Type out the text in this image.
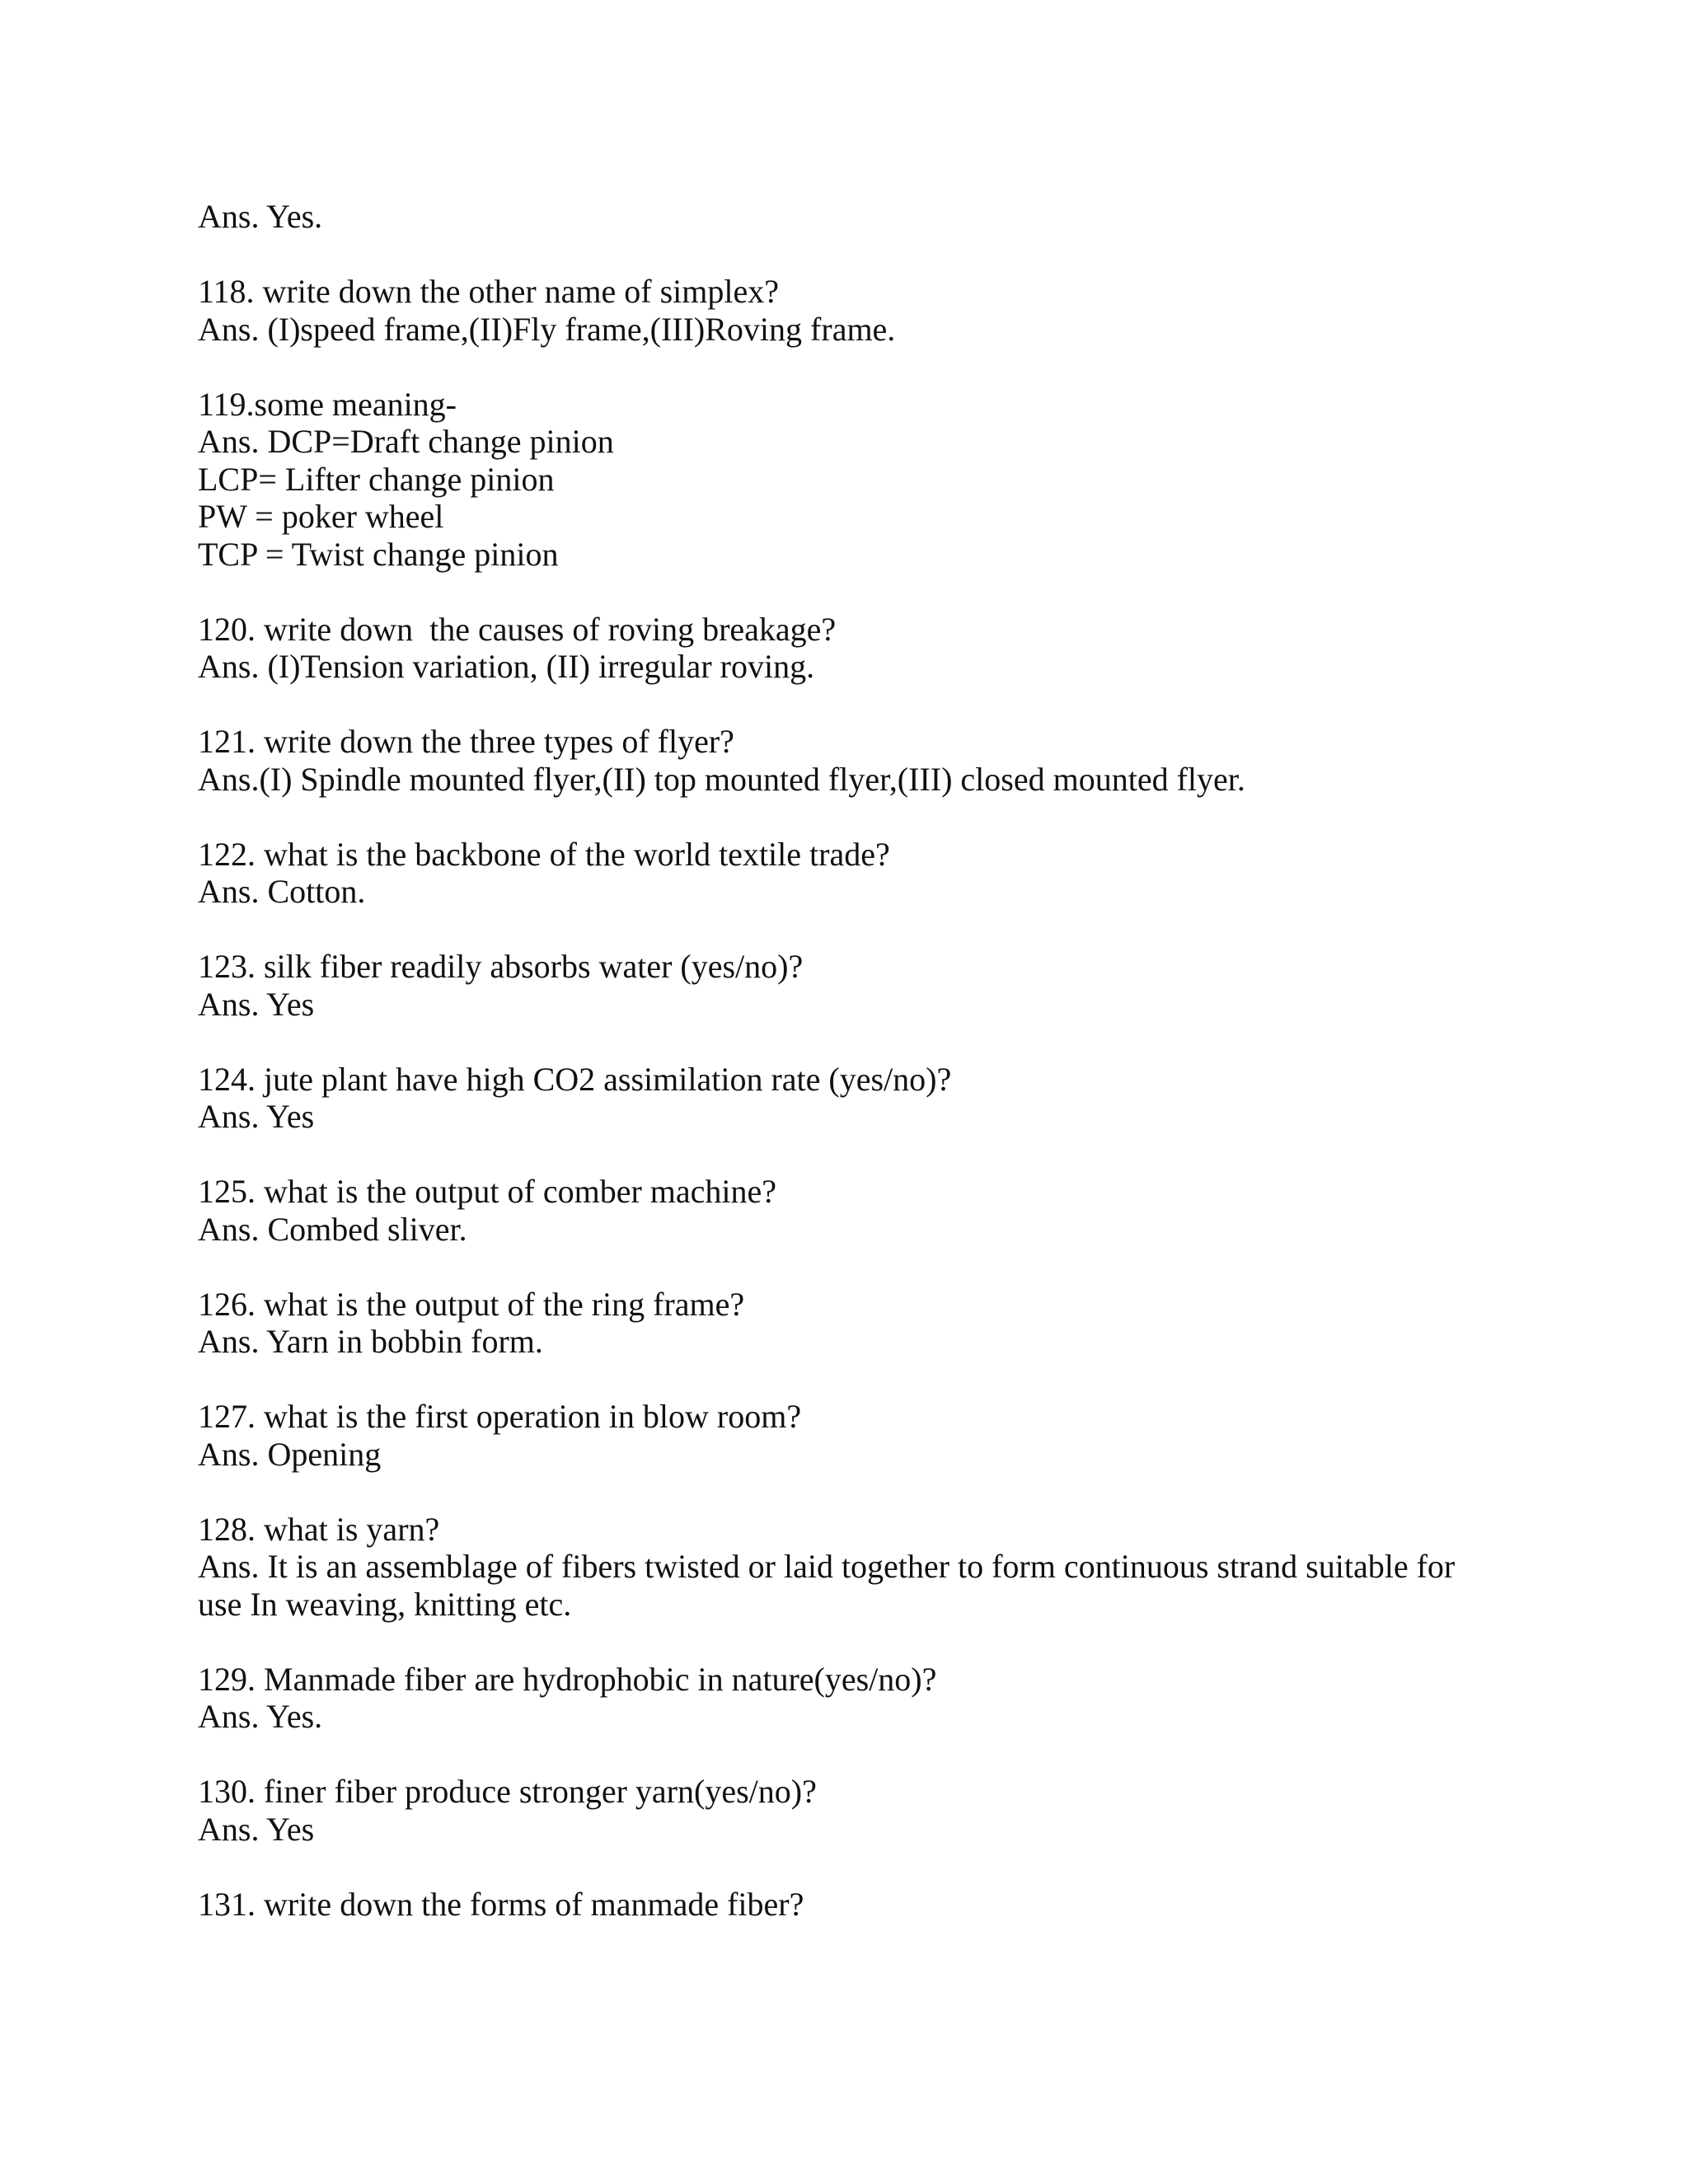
Ans. Yes.

118. write down the other name of simplex?

Ans. (I)speed frame,(II)Fly frame,(III)Roving frame.

119.some meaning-

Ans. DCP=Draft change pinion

LCP= Lifter change pinion

PW = poker wheel

TCP = Twist change pinion

120. write down  the causes of roving breakage?

Ans. (I)Tension variation, (II) irregular roving.

121. write down the three types of flyer?

Ans.(I) Spindle mounted flyer,(II) top mounted flyer,(III) closed mounted flyer.

122. what is the backbone of the world textile trade?

Ans. Cotton.

123. silk fiber readily absorbs water (yes/no)?

Ans. Yes

124. jute plant have high CO2 assimilation rate (yes/no)?

Ans. Yes

125. what is the output of comber machine?

Ans. Combed sliver.

126. what is the output of the ring frame?

Ans. Yarn in bobbin form.

127. what is the first operation in blow room?

Ans. Opening

128. what is yarn?

Ans. It is an assemblage of fibers twisted or laid together to form continuous strand suitable for

use In weaving, knitting etc.

129. Manmade fiber are hydrophobic in nature(yes/no)?

Ans. Yes.

130. finer fiber produce stronger yarn(yes/no)?

Ans. Yes

131. write down the forms of manmade fiber?
